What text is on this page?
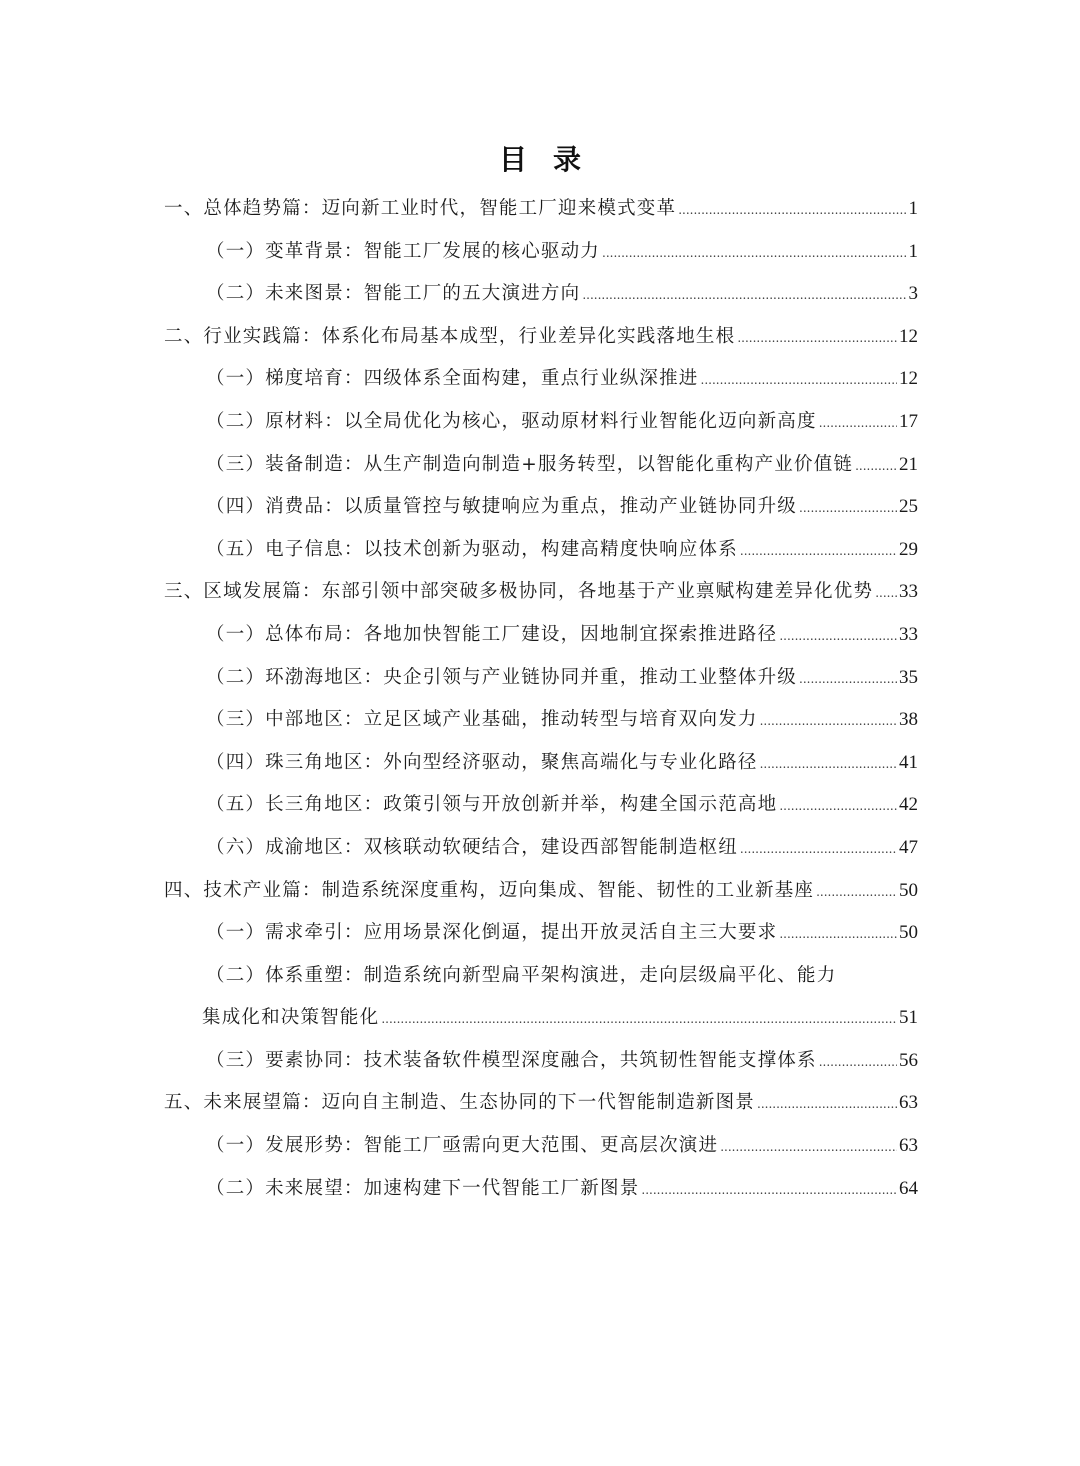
目录
一、总体趋势篇：迈向新工业时代，智能工厂迎来模式变革 .....	1
（一）变革背景：智能工厂发展的核心驱动力 .....	1
（二）未来图景：智能工厂的五大演进方向 .....	3
二、行业实践篇：体系化布局基本成型，行业差异化实践落地生根 .....	12
（一）梯度培育：四级体系全面构建，重点行业纵深推进 .....	12
（二）原材料：以全局优化为核心，驱动原材料行业智能化迈向新高度 .....	17
（三）装备制造：从生产制造向制造+服务转型，以智能化重构产业价值链 ..... 21
（四）消费品：以质量管控与敏捷响应为重点，推动产业链协同升级 .....	25
（五）电子信息：以技术创新为驱动，构建高精度快响应体系 .....	29
三、区域发展篇：东部引领中部突破多极协同，各地基于产业禀赋构建差异化优势 ..... 33
（一）总体布局：各地加快智能工厂建设，因地制宜探索推进路径 .....	33
（二）环渤海地区：央企引领与产业链协同并重，推动工业整体升级 .....	35
（三）中部地区：立足区域产业基础，推动转型与培育双向发力 .....	38
（四）珠三角地区：外向型经济驱动，聚焦高端化与专业化路径 .....	41
（五）长三角地区：政策引领与开放创新并举，构建全国示范高地 .....	42
（六）成渝地区：双核联动软硬结合，建设西部智能制造枢纽 .....	47
四、技术产业篇：制造系统深度重构，迈向集成、智能、韧性的工业新基座 .....	50
（一）需求牵引：应用场景深化倒逼，提出开放灵活自主三大要求 .....	50
（二）体系重塑：制造系统向新型扁平架构演进，走向层级扁平化、能力
集成化和决策智能化 .....	51
（三）要素协同：技术装备软件模型深度融合，共筑韧性智能支撑体系 .....	56
五、未来展望篇：迈向自主制造、生态协同的下一代智能制造新图景 .....	63
（一）发展形势：智能工厂亟需向更大范围、更高层次演进 .....	63
（二）未来展望：加速构建下一代智能工厂新图景 .....	64
